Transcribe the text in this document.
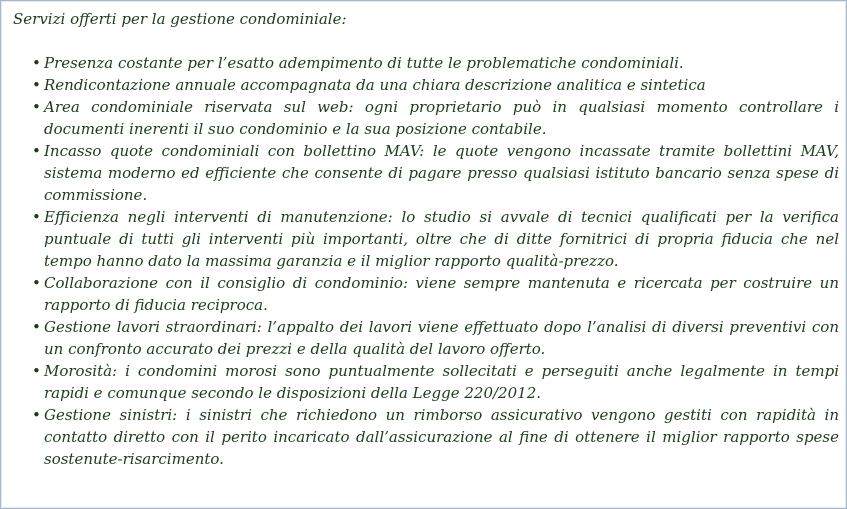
Servizi offerti per la gestione condominiale:

• Presenza costante per l’esatto adempimento di tutte le problematiche condominiali.
• Rendicontazione annuale accompagnata da una chiara descrizione analitica e sintetica
• Area condominiale riservata sul web: ogni proprietario può in qualsiasi momento controllare i documenti inerenti il suo condominio e la sua posizione contabile.
• Incasso quote condominiali con bollettino MAV: le quote vengono incassate tramite bollettini MAV, sistema moderno ed efficiente che consente di pagare presso qualsiasi istituto bancario senza spese di commissione.
• Efficienza negli interventi di manutenzione: lo studio si avvale di tecnici qualificati per la verifica puntuale di tutti gli interventi più importanti, oltre che di ditte fornitrici di propria fiducia che nel tempo hanno dato la massima garanzia e il miglior rapporto qualità-prezzo.
• Collaborazione con il consiglio di condominio: viene sempre mantenuta e ricercata per costruire un rapporto di fiducia reciproca.
• Gestione lavori straordinari: l’appalto dei lavori viene effettuato dopo l’analisi di diversi preventivi con un confronto accurato dei prezzi e della qualità del lavoro offerto.
• Morosità: i condomini morosi sono puntualmente sollecitati e perseguiti anche legalmente in tempi rapidi e comunque secondo le disposizioni della Legge 220/2012.
• Gestione sinistri: i sinistri che richiedono un rimborso assicurativo vengono gestiti con rapidità in contatto diretto con il perito incaricato dall’assicurazione al fine di ottenere il miglior rapporto spese sostenute-risarcimento.
